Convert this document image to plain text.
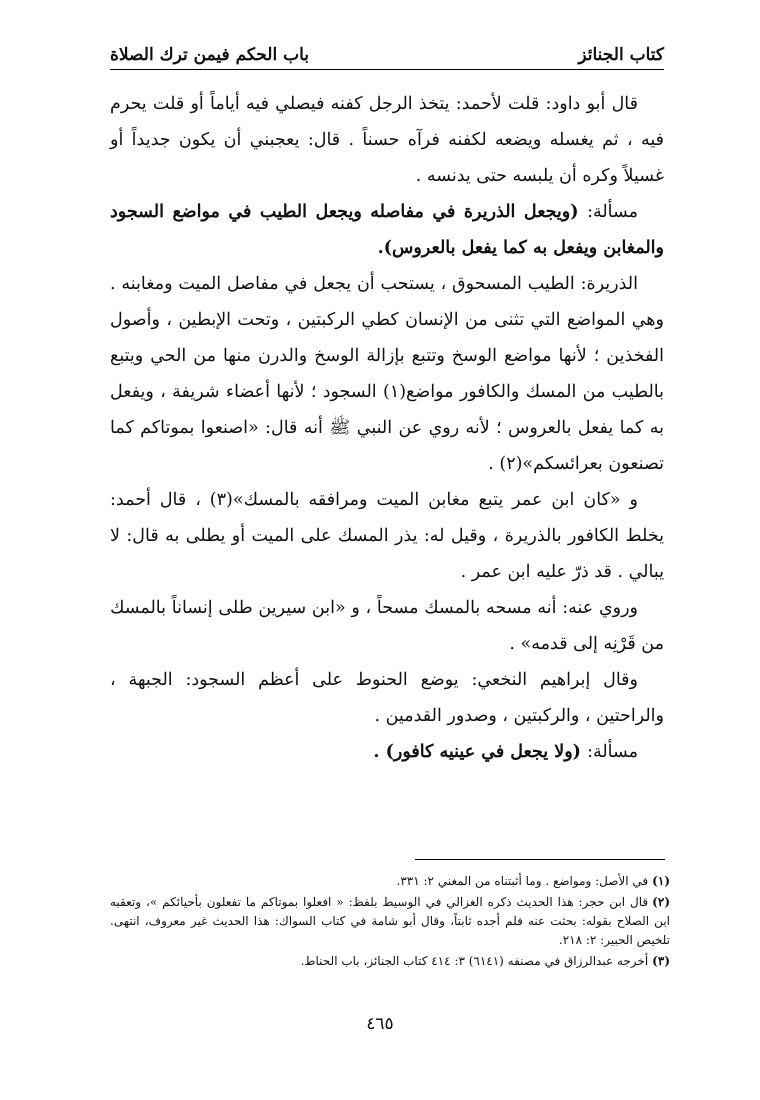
كتاب الجنائز
باب الحكم فيمن ترك الصلاة

قال أبو داود: قلت لأحمد: يتخذ الرجل كفنه فيصلي فيه أياماً أو قلت يحرم فيه ، ثم يغسله ويضعه لكفنه فرآه حسناً . قال: يعجبني أن يكون جديداً أو غسيلاً وكره أن يلبسه حتى يدنسه .

مسألة: (ويجعل الذريرة في مفاصله ويجعل الطيب في مواضع السجود والمغابن ويفعل به كما يفعل بالعروس).

الذريرة: الطيب المسحوق ، يستحب أن يجعل في مفاصل الميت ومغابنه . وهي المواضع التي تثنى من الإنسان كطي الركبتين ، وتحت الإبطين ، وأصول الفخذين ؛ لأنها مواضع الوسخ وتتبع بإزالة الوسخ والدرن منها من الحي ويتبع بالطيب من المسك والكافور مواضع(١) السجود ؛ لأنها أعضاء شريفة ، ويفعل به كما يفعل بالعروس ؛ لأنه روي عن النبي ﷺ أنه قال: «اصنعوا بموتاكم كما تصنعون بعرائسكم»(٢) .

و «كان ابن عمر يتبع مغابن الميت ومرافقه بالمسك»(٣) ، قال أحمد: يخلط الكافور بالذريرة ، وقيل له: يذر المسك على الميت أو يطلى به قال: لا يبالي . قد ذرّ عليه ابن عمر .

وروي عنه: أنه مسحه بالمسك مسحاً ، و «ابن سيرين طلى إنساناً بالمسك من قَرْنِه إلى قدمه» .

وقال إبراهيم النخعي: يوضع الحنوط على أعظم السجود: الجبهة ، والراحتين ، والركبتين ، وصدور القدمين .

مسألة: (ولا يجعل في عينيه كافور) .

(١)في الأصل: ومواضع . وما أثبتناه من المغني ٢: ٣٣١.

(٢)قال ابن حجر: هذا الحديث ذكره الغزالي في الوسيط بلفظ: « افعلوا بموتاكم ما تفعلون بأحيائكم »، وتعقبه ابن الصلاح بقوله: بحثت عنه فلم أجده ثابتاً، وقال أبو شامة في كتاب السواك: هذا الحديث غير معروف، انتهى. تلخيص الحبير: ٢: ٢١٨.

(٣)أخرجه عبدالرزاق في مصنفه (٦١٤١) ٣: ٤١٤ كتاب الجنائز، باب الحناط.

٤٦٥
